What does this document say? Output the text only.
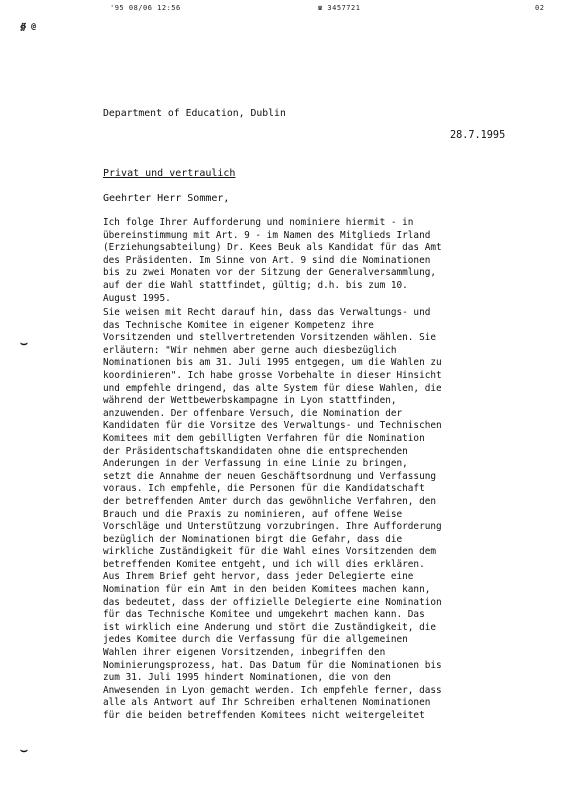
'95 08/06 12:56	☎ 3457721	02
∯ @
⌣
⌣
Department of Education, Dublin
28.7.1995
Privat und vertraulich
Geehrter Herr Sommer,
Ich folge Ihrer Aufforderung und nominiere hiermit - in
übereinstimmung mit Art. 9 - im Namen des Mitglieds Irland
(Erziehungsabteilung) Dr. Kees Beuk als Kandidat für das Amt
des Präsidenten. Im Sinne von Art. 9 sind die Nominationen
bis zu zwei Monaten vor der Sitzung der Generalversammlung,
auf der die Wahl stattfindet, gültig; d.h. bis zum 10.
August 1995.
Sie weisen mit Recht darauf hin, dass das Verwaltungs- und
das Technische Komitee in eigener Kompetenz ihre
Vorsitzenden und stellvertretenden Vorsitzenden wählen. Sie
erläutern: "Wir nehmen aber gerne auch diesbezüglich
Nominationen bis am 31. Juli 1995 entgegen, um die Wahlen zu
koordinieren". Ich habe grosse Vorbehalte in dieser Hinsicht
und empfehle dringend, das alte System für diese Wahlen, die
während der Wettbewerbskampagne in Lyon stattfinden,
anzuwenden. Der offenbare Versuch, die Nomination der
Kandidaten für die Vorsitze des Verwaltungs- und Technischen
Komitees mit dem gebilligten Verfahren für die Nomination
der Präsidentschaftskandidaten ohne die entsprechenden
Änderungen in der Verfassung in eine Linie zu bringen,
setzt die Annahme der neuen Geschäftsordnung und Verfassung
voraus. Ich empfehle, die Personen für die Kandidatschaft
der betreffenden Ämter durch das gewöhnliche Verfahren, den
Brauch und die Praxis zu nominieren, auf offene Weise
Vorschläge und Unterstützung vorzubringen. Ihre Aufforderung
bezüglich der Nominationen birgt die Gefahr, dass die
wirkliche Zuständigkeit für die Wahl eines Vorsitzenden dem
betreffenden Komitee entgeht, und ich will dies erklären.
Aus Ihrem Brief geht hervor, dass jeder Delegierte eine
Nomination für ein Amt in den beiden Komitees machen kann,
das bedeutet, dass der offizielle Delegierte eine Nomination
für das Technische Komitee und umgekehrt machen kann. Das
ist wirklich eine Änderung und stört die Zuständigkeit, die
jedes Komitee durch die Verfassung für die allgemeinen
Wahlen ihrer eigenen Vorsitzenden, inbegriffen den
Nominierungsprozess, hat. Das Datum für die Nominationen bis
zum 31. Juli 1995 hindert Nominationen, die von den
Anwesenden in Lyon gemacht werden. Ich empfehle ferner, dass
alle als Antwort auf Ihr Schreiben erhaltenen Nominationen
für die beiden betreffenden Komitees nicht weitergeleitet
